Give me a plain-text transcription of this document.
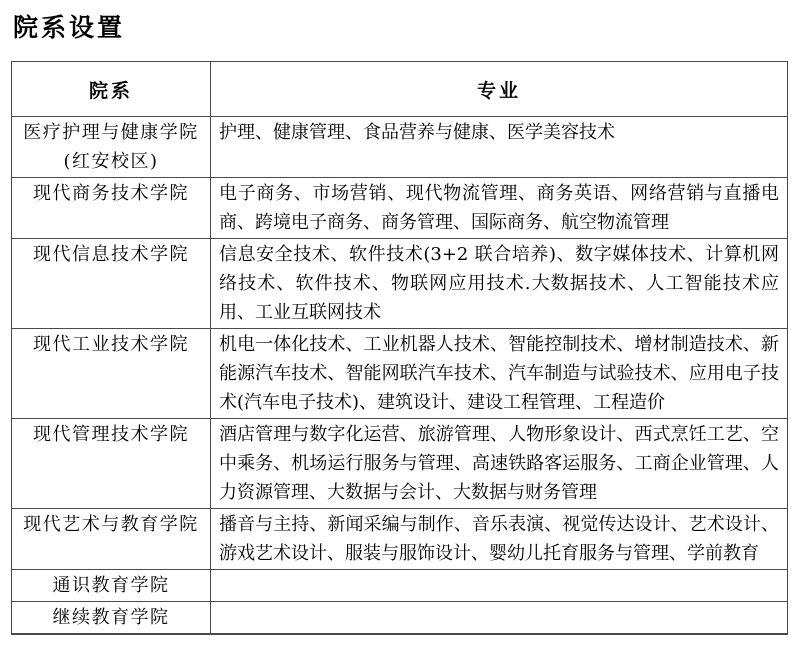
院系设置
院系	专业

医疗护理与健康学院
(红安校区)	护理、健康管理、食品营养与健康、医学美容技术

现代商务技术学院	电子商务、市场营销、现代物流管理、商务英语、网络营销与直播电商、跨境电子商务、商务管理、国际商务、航空物流管理

现代信息技术学院	信息安全技术、软件技术(3+2 联合培养)、数字媒体技术、计算机网络技术、软件技术、物联网应用技术.大数据技术、人工智能技术应用、工业互联网技术

现代工业技术学院	机电一体化技术、工业机器人技术、智能控制技术、增材制造技术、新能源汽车技术、智能网联汽车技术、汽车制造与试验技术、应用电子技术(汽车电子技术)、建筑设计、建设工程管理、工程造价

现代管理技术学院	酒店管理与数字化运营、旅游管理、人物形象设计、西式烹饪工艺、空中乘务、机场运行服务与管理、高速铁路客运服务、工商企业管理、人力资源管理、大数据与会计、大数据与财务管理

现代艺术与教育学院	播音与主持、新闻采编与制作、音乐表演、视觉传达设计、艺术设计、游戏艺术设计、服装与服饰设计、婴幼儿托育服务与管理、学前教育

通识教育学院	

继续教育学院	
